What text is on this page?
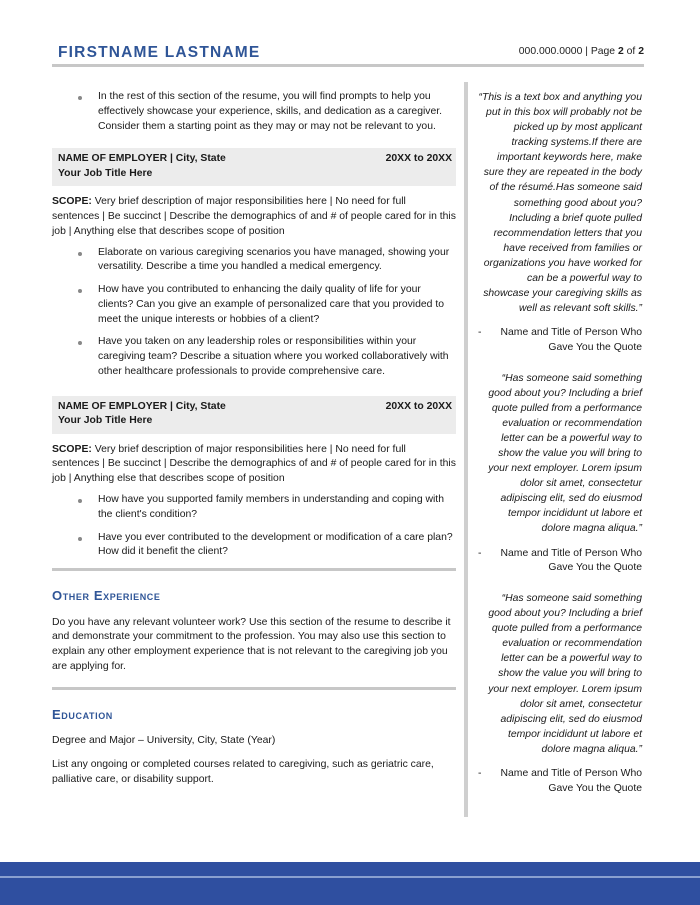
FIRSTNAME LASTNAME	000.000.0000 | Page 2 of 2
In the rest of this section of the resume, you will find prompts to help you effectively showcase your experience, skills, and dedication as a caregiver. Consider them a starting point as they may or may not be relevant to you.
NAME OF EMPLOYER | City, State	20XX to 20XX
Your Job Title Here
SCOPE: Very brief description of major responsibilities here | No need for full sentences | Be succinct | Describe the demographics of and # of people cared for in this job | Anything else that describes scope of position
Elaborate on various caregiving scenarios you have managed, showing your versatility. Describe a time you handled a medical emergency.
How have you contributed to enhancing the daily quality of life for your clients? Can you give an example of personalized care that you provided to meet the unique interests or hobbies of a client?
Have you taken on any leadership roles or responsibilities within your caregiving team? Describe a situation where you worked collaboratively with other healthcare professionals to provide comprehensive care.
NAME OF EMPLOYER | City, State	20XX to 20XX
Your Job Title Here
SCOPE: Very brief description of major responsibilities here | No need for full sentences | Be succinct | Describe the demographics of and # of people cared for in this job | Anything else that describes scope of position
How have you supported family members in understanding and coping with the client's condition?
Have you ever contributed to the development or modification of a care plan? How did it benefit the client?
Other Experience
Do you have any relevant volunteer work? Use this section of the resume to describe it and demonstrate your commitment to the profession. You may also use this section to explain any other employment experience that is not relevant to the caregiving job you are applying for.
Education
Degree and Major – University, City, State (Year)
List any ongoing or completed courses related to caregiving, such as geriatric care, palliative care, or disability support.
“This is a text box and anything you put in this box will probably not be picked up by most applicant tracking systems.If there are important keywords here, make sure they are repeated in the body of the résumé.Has someone said something good about you? Including a brief quote pulled recommendation letters that you have received from families or organizations you have worked for can be a powerful way to showcase your caregiving skills as well as relevant soft skills.”
- Name and Title of Person Who Gave You the Quote
“Has someone said something good about you? Including a brief quote pulled from a performance evaluation or recommendation letter can be a powerful way to show the value you will bring to your next employer. Lorem ipsum dolor sit amet, consectetur adipiscing elit, sed do eiusmod tempor incididunt ut labore et dolore magna aliqua.”
- Name and Title of Person Who Gave You the Quote
“Has someone said something good about you? Including a brief quote pulled from a performance evaluation or recommendation letter can be a powerful way to show the value you will bring to your next employer. Lorem ipsum dolor sit amet, consectetur adipiscing elit, sed do eiusmod tempor incididunt ut labore et dolore magna aliqua.”
- Name and Title of Person Who Gave You the Quote
